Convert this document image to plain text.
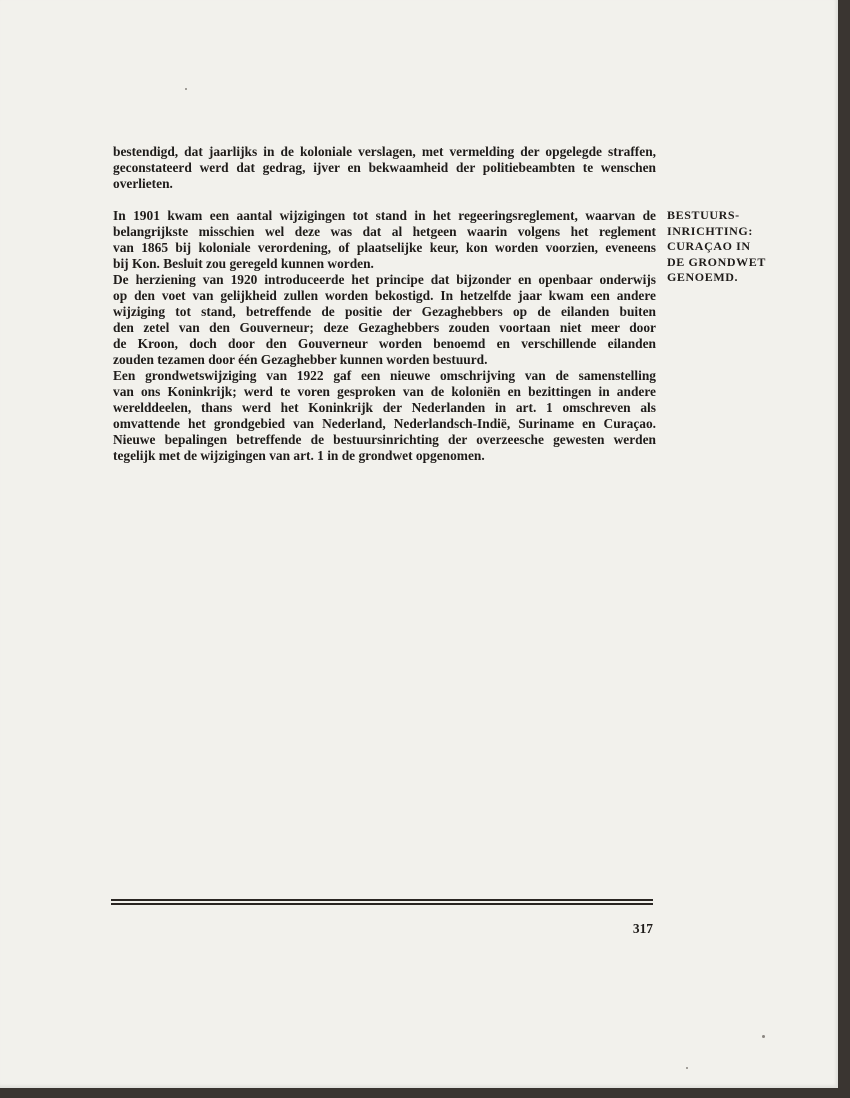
bestendigd, dat jaarlijks in de koloniale verslagen, met vermelding der opgelegde straffen,
geconstateerd werd dat gedrag, ijver en bekwaamheid der politiebeambten te wenschen
overlieten.
In 1901 kwam een aantal wijzigingen tot stand in het regeeringsreglement, waarvan de
belangrijkste misschien wel deze was dat al hetgeen waarin volgens het reglement
van 1865 bij koloniale verordening, of plaatselijke keur, kon worden voorzien, eveneens
bij Kon. Besluit zou geregeld kunnen worden.
De herziening van 1920 introduceerde het principe dat bijzonder en openbaar onderwijs
op den voet van gelijkheid zullen worden bekostigd. In hetzelfde jaar kwam een andere
wijziging tot stand, betreffende de positie der Gezaghebbers op de eilanden buiten
den zetel van den Gouverneur; deze Gezaghebbers zouden voortaan niet meer door
de Kroon, doch door den Gouverneur worden benoemd en verschillende eilanden
zouden tezamen door één Gezaghebber kunnen worden bestuurd.
Een grondwetswijziging van 1922 gaf een nieuwe omschrijving van de samenstelling
van ons Koninkrijk; werd te voren gesproken van de koloniën en bezittingen in andere
werelddeelen, thans werd het Koninkrijk der Nederlanden in art. 1 omschreven als
omvattende het grondgebied van Nederland, Nederlandsch-Indië, Suriname en Curaçao.
Nieuwe bepalingen betreffende de bestuursinrichting der overzeesche gewesten werden
tegelijk met de wijzigingen van art. 1 in de grondwet opgenomen.
BESTUURS-
INRICHTING:
CURAÇAO IN
DE GRONDWET
GENOEMD.
317
